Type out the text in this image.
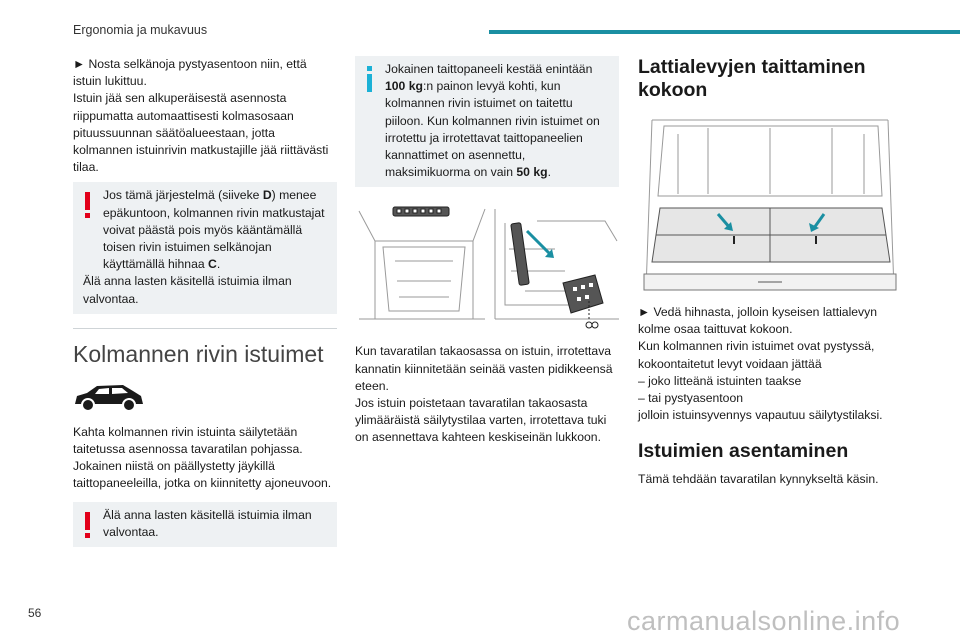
Ergonomia ja mukavuus

► Nosta selkänoja pystyasentoon niin, että istuin lukittuu.

Istuin jää sen alkuperäisestä asennosta riippumatta automaattisesti kolmasosaan pituussuunnan säätöalueestaan, jotta kolmannen istuinrivin matkustajille jää riittävästi tilaa.

Jos tämä järjestelmä (siiveke D) menee epäkuntoon, kolmannen rivin matkustajat voivat päästä pois myös kääntämällä toisen rivin istuimen selkänojan käyttämällä hihnaa C.

Älä anna lasten käsitellä istuimia ilman valvontaa.

Kolmannen rivin istuimet

Kahta kolmannen rivin istuinta säilytetään taitetussa asennossa tavaratilan pohjassa. Jokainen niistä on päällystetty jäykillä taittopaneeleilla, jotka on kiinnitetty ajoneuvoon.

Älä anna lasten käsitellä istuimia ilman valvontaa.

Jokainen taittopaneeli kestää enintään 100 kg:n painon levyä kohti, kun kolmannen rivin istuimet on taitettu piiloon. Kun kolmannen rivin istuimet on irrotettu ja irrotettavat taittopaneelien kannattimet on asennettu, maksimikuorma on vain 50 kg.

Kun tavaratilan takaosassa on istuin, irrotettava kannatin kiinnitetään seinää vasten pidikkeensä eteen.

Jos istuin poistetaan tavaratilan takaosasta ylimääräistä säilytystilaa varten, irrotettava tuki on asennettava kahteen keskiseinän lukkoon.

Lattialevyjen taittaminen kokoon

► Vedä hihnasta, jolloin kyseisen lattialevyn kolme osaa taittuvat kokoon.

Kun kolmannen rivin istuimet ovat pystyssä, kokoontaitetut levyt voidaan jättää

– joko litteänä istuinten taakse

– tai pystyasentoon

jolloin istuinsyvennys vapautuu säilytystilaksi.

Istuimien asentaminen

Tämä tehdään tavaratilan kynnykseltä käsin.

56	carmanualsonline.info
